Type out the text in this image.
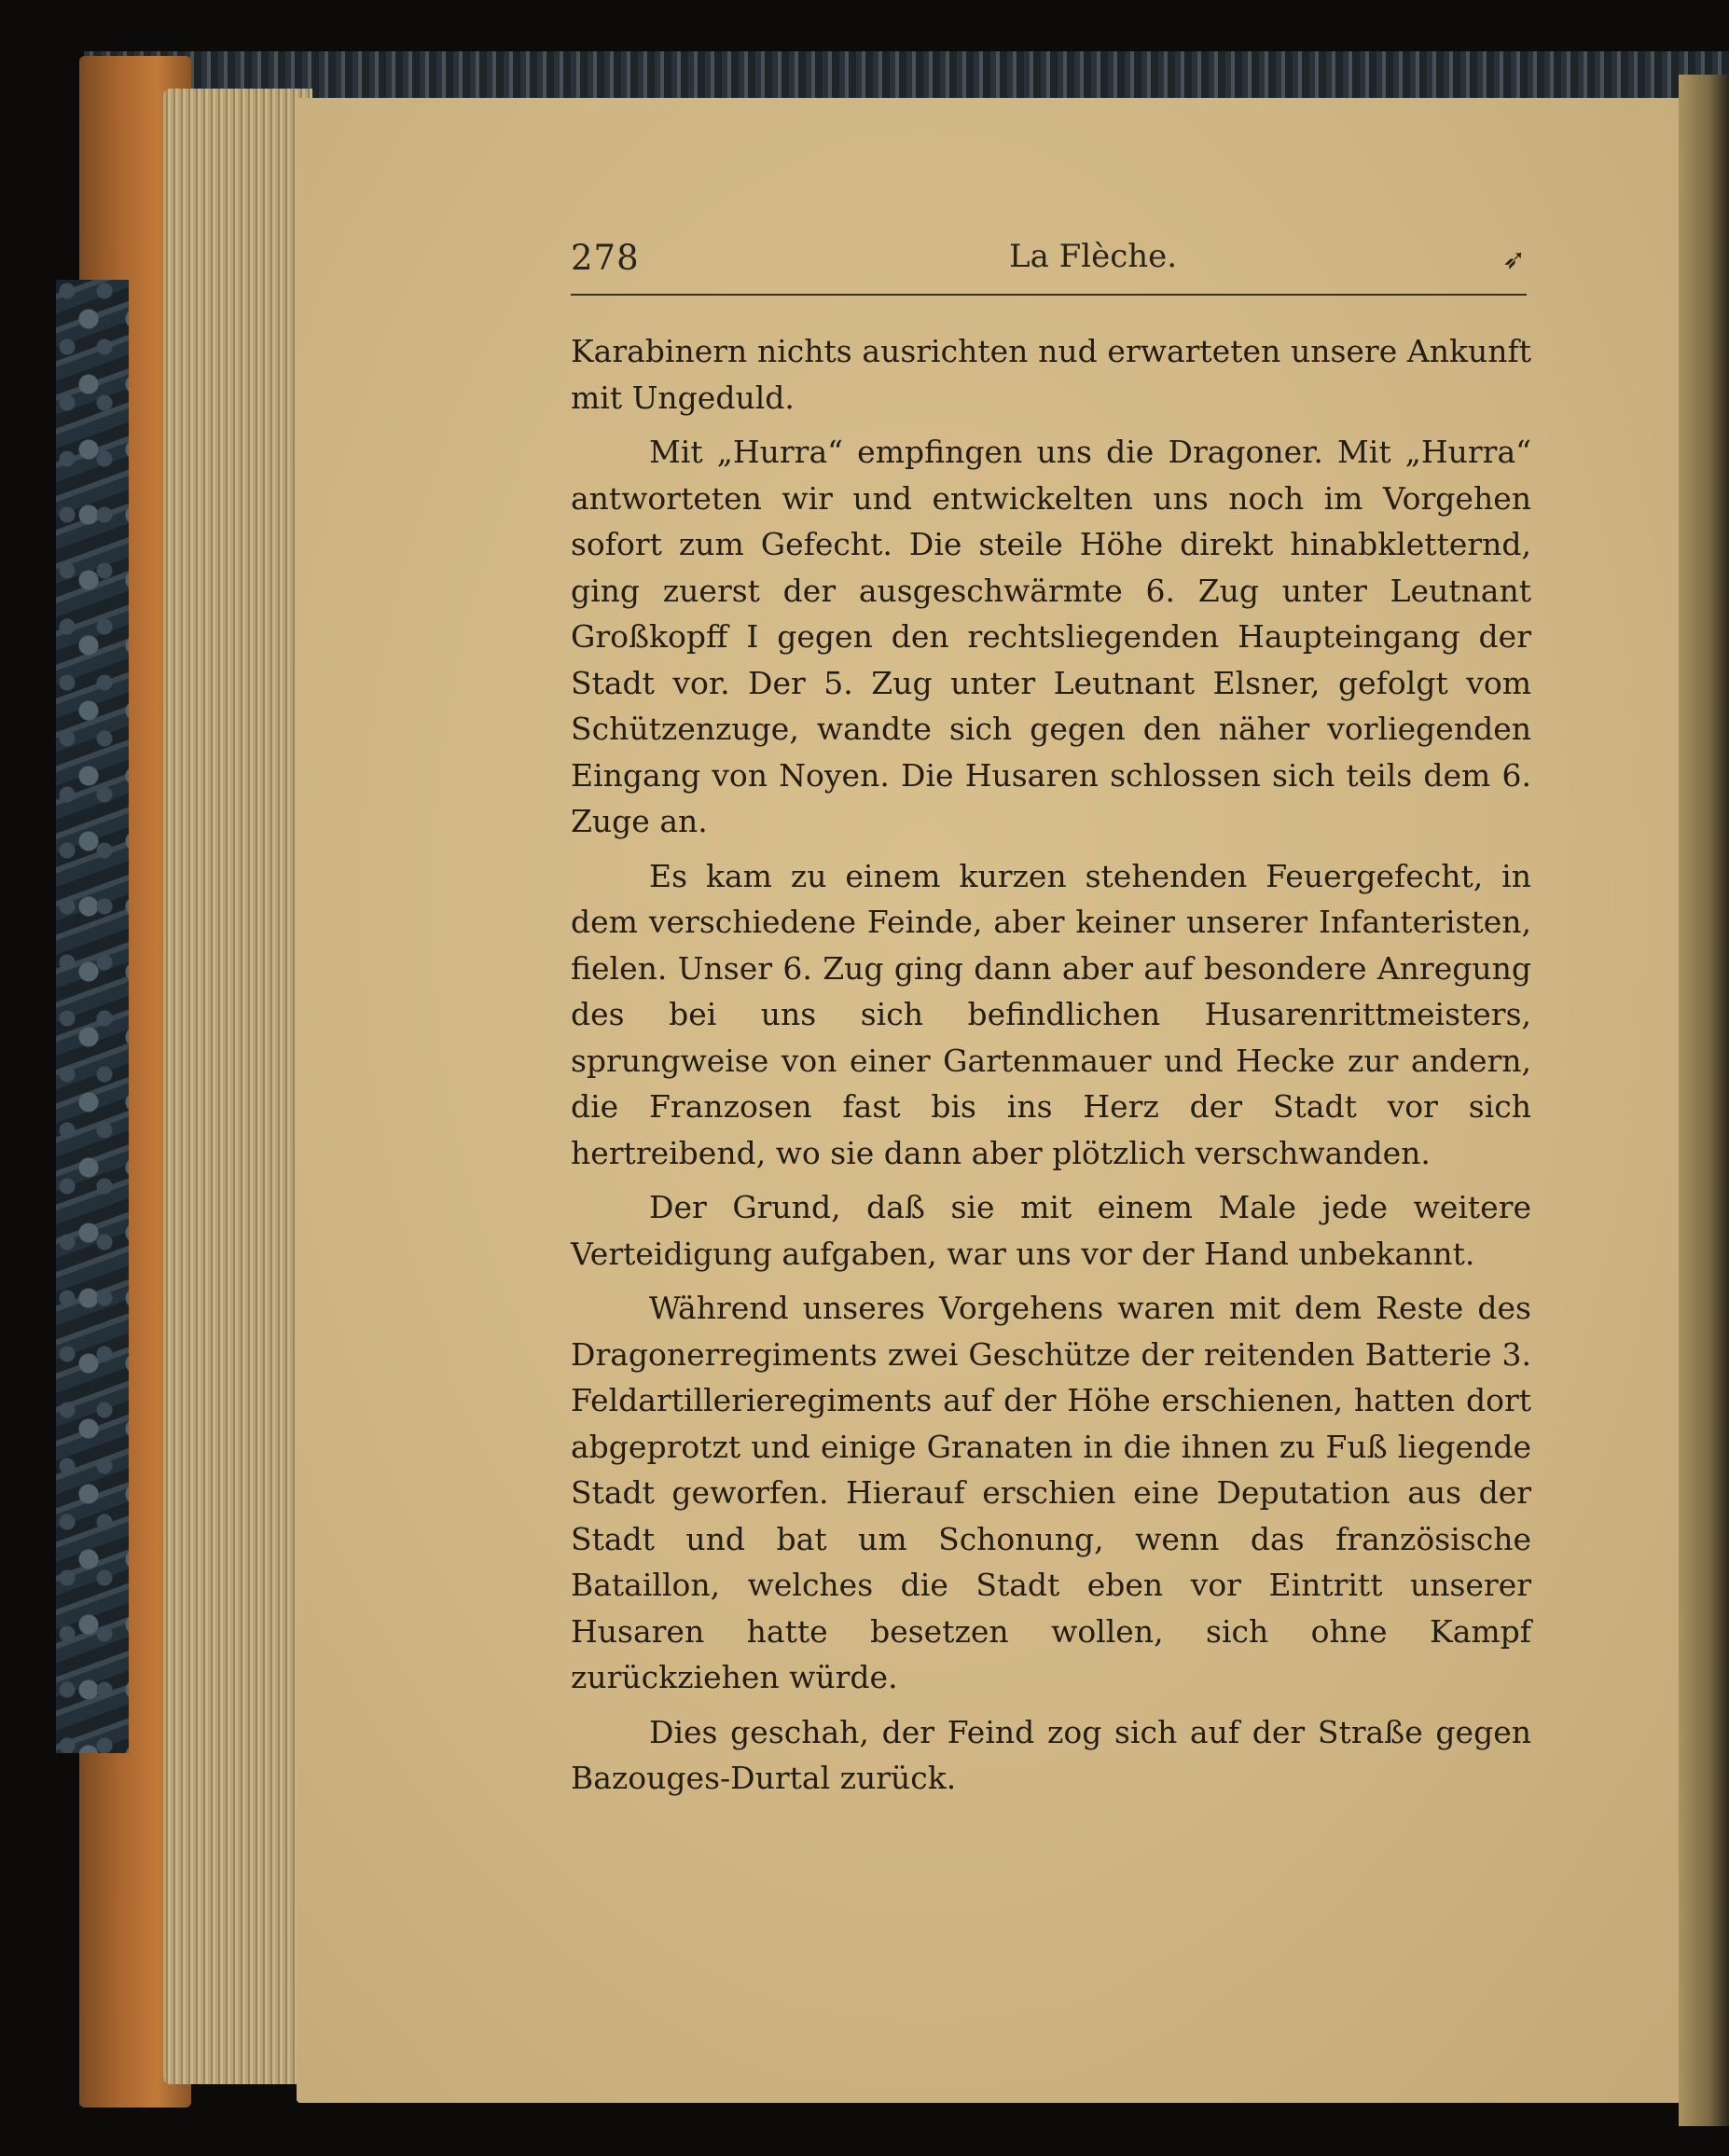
278	La Flèche.	➶

Karabinern nichts ausrichten nud erwarteten unsere Ankunft mit Ungeduld.

Mit „Hurra“ empfingen uns die Dragoner. Mit „Hurra“ antworteten wir und entwickelten uns noch im Vorgehen sofort zum Gefecht. Die steile Höhe direkt hinabkletternd, ging zuerst der ausgeschwärmte 6. Zug unter Leutnant Großkopff I gegen den rechtsliegenden Haupteingang der Stadt vor. Der 5. Zug unter Leutnant Elsner, gefolgt vom Schützenzuge, wandte sich gegen den näher vorliegenden Eingang von Noyen. Die Husaren schlossen sich teils dem 6. Zuge an.

Es kam zu einem kurzen stehenden Feuergefecht, in dem verschiedene Feinde, aber keiner unserer Infanteristen, fielen. Unser 6. Zug ging dann aber auf besondere Anregung des bei uns sich befindlichen Husarenrittmeisters, sprungweise von einer Gartenmauer und Hecke zur andern, die Franzosen fast bis ins Herz der Stadt vor sich hertreibend, wo sie dann aber plötzlich verschwanden.

Der Grund, daß sie mit einem Male jede weitere Verteidigung aufgaben, war uns vor der Hand unbekannt.

Während unseres Vorgehens waren mit dem Reste des Dragonerregiments zwei Geschütze der reitenden Batterie 3. Feldartillerieregiments auf der Höhe erschienen, hatten dort abgeprotzt und einige Granaten in die ihnen zu Fuß liegende Stadt geworfen. Hierauf erschien eine Deputation aus der Stadt und bat um Schonung, wenn das französische Bataillon, welches die Stadt eben vor Eintritt unserer Husaren hatte besetzen wollen, sich ohne Kampf zurückziehen würde.

Dies geschah, der Feind zog sich auf der Straße gegen Bazouges-Durtal zurück.
